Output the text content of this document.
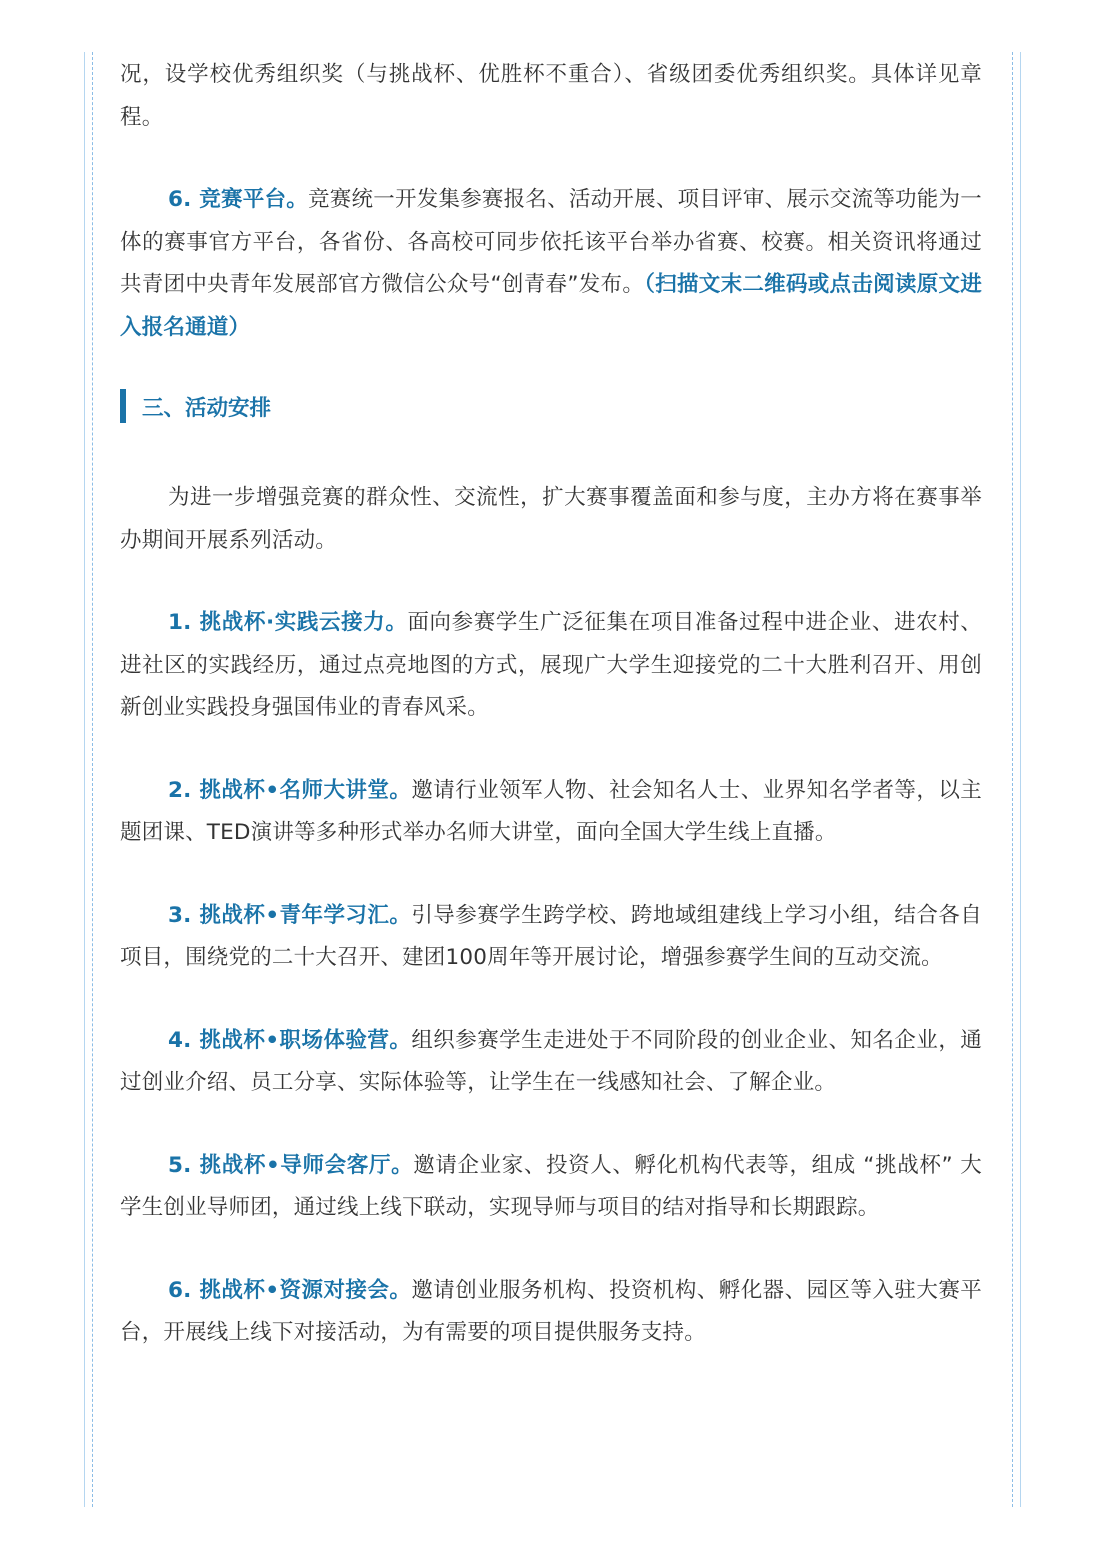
况，设学校优秀组织奖（与挑战杯、优胜杯不重合）、省级团委优秀组织奖。具体详见章程。

6. 竞赛平台。竞赛统一开发集参赛报名、活动开展、项目评审、展示交流等功能为一体的赛事官方平台，各省份、各高校可同步依托该平台举办省赛、校赛。相关资讯将通过共青团中央青年发展部官方微信公众号“创青春”发布。（扫描文末二维码或点击阅读原文进入报名通道）

三、活动安排

为进一步增强竞赛的群众性、交流性，扩大赛事覆盖面和参与度，主办方将在赛事举办期间开展系列活动。

1. 挑战杯·实践云接力。面向参赛学生广泛征集在项目准备过程中进企业、进农村、进社区的实践经历，通过点亮地图的方式，展现广大学生迎接党的二十大胜利召开、用创新创业实践投身强国伟业的青春风采。

2. 挑战杯•名师大讲堂。邀请行业领军人物、社会知名人士、业界知名学者等，以主题团课、TED演讲等多种形式举办名师大讲堂，面向全国大学生线上直播。

3. 挑战杯•青年学习汇。引导参赛学生跨学校、跨地域组建线上学习小组，结合各自项目，围绕党的二十大召开、建团100周年等开展讨论，增强参赛学生间的互动交流。

4. 挑战杯•职场体验营。组织参赛学生走进处于不同阶段的创业企业、知名企业，通过创业介绍、员工分享、实际体验等，让学生在一线感知社会、了解企业。

5. 挑战杯•导师会客厅。邀请企业家、投资人、孵化机构代表等，组成 “挑战杯” 大学生创业导师团，通过线上线下联动，实现导师与项目的结对指导和长期跟踪。

6. 挑战杯•资源对接会。邀请创业服务机构、投资机构、孵化器、园区等入驻大赛平台，开展线上线下对接活动，为有需要的项目提供服务支持。
